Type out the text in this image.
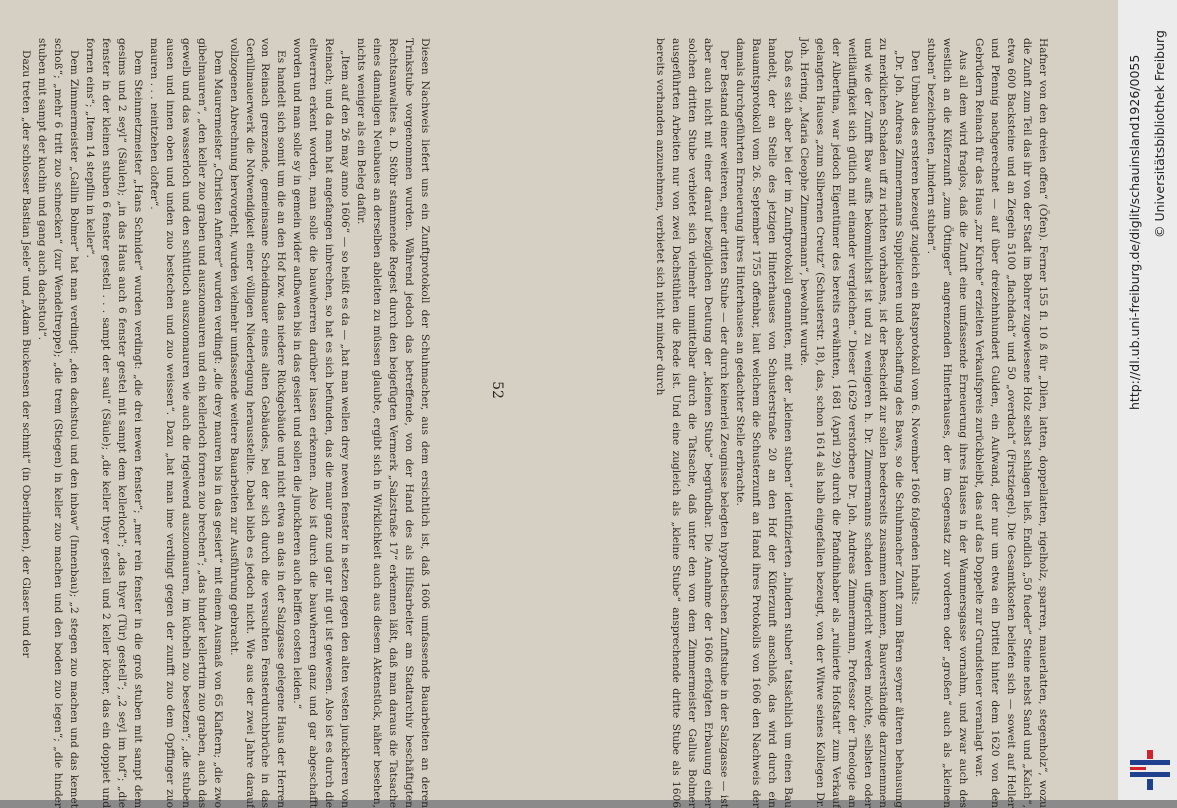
Diesen Nachweis liefert uns ein Zunftprotokoll der Schuhmacher, aus dem ersichtlich ist, daß 1606 umfassende Bauarbeiten an deren Trinkstube vorgenommen wurden. Während jedoch das betreffende, von der Hand des als Hilfsarbeiter am Stadtarchiv beschäftigten Rechtsanwaltes a. D. Stöhr stammende Regest durch den beigefügten Vermerk „Salzstraße 17“ erkennen läßt, daß man daraus die Tatsache eines damaligen Neubaues an derselben ableiten zu müssen glaubte, ergibt sich in Wirklichkeit auch aus diesem Aktenstück, näher besehen, nichts weniger als ein Beleg dafür.

„Item auf den 26 may anno 1606“ — so heißt es da — „hat man wellen drey newen fenster in setzen gegen den alten vesten junckheren von Reinach; und da man hat angefangen inbrechen, so hat es sich befunden, das die maur ganz und gar nit gut ist gewesen. Also ist es durch die eltwerren erkent worden, man solle die bauwherren darüber lassen erkennen. Also ist durch die bauwherren ganz und gar abgeschafft worden und man solle sy in gemein wider aufbawen bis in das gesiert und sollen die junckheren auch helffen costen leiden.“

Es handelt sich somit um die an den Hof bzw. das niedere Rückgebäude und nicht etwa an das in der Salzgasse gelegene Haus der Herren von Reinach grenzende, gemeinsame Scheidmauer eines alten Gebäudes, bei der sich durch die versuchten Fensterdurchbrüche in das Gerüllmauerwerk die Notwendigkeit einer völligen Niederlegung herausstellte. Dabei blieb es jedoch nicht. Wie aus der zwei Jahre darauf vollzogenen Abrechnung hervorgeht, wurden vielmehr umfassende weitere Bauarbeiten zur Ausführung gebracht.

Dem Maurermeister „Christen Anfierer“ wurden verdingt: „die drey mauren bis in das gesiert“ mit einem Ausmaß von 65 Klaftern; „die zwo gibelmauren“, „den keller zuo graben und auszuomauren und ein kellerloch fornen zuo brechen“; „das hinder kellertrim zuo graben, auch das gewelb und das wasserloch und den schüttloch auszuomauren wie auch die rigelwend auszuomauren, im kücheln zuo besetzen“; „die stuben ausen und innen oben und unden zuo bestechen und zuo weissen“. Dazu „hat man ime verdingt gegen der zunfft zuo dem Opffinger zuo mauren . . . neintzehen clofter“.

Dem Steinmetzmeister „Hans Schnider“ wurden verdingt: „die drei newen fenster“; „mer rein fenster in die groß stuben mit sampt dem gesims und 2 seyl“ (Säulen); „in das Haus auch 6 fenster gestel mit sampt dem kellerloch“; „das thyer (Tür) gestell“; „2 seyl im hof“; „die fenster in der kleinen stuben 6 fenster gestell . . . sampt der saul“ (Säule); „die keller thyer gestell und 2 keller löcher, das ein doppiet und fornen eins“; „Item 14 stepflin in keller“.

Dem Zimmermeister „Gallin Bolmer“ hat man verdingt: „den dachstuol und den inbaw“ (Innenbau); „2 stegen zuo machen und das kemet schoß“; „mehr 6 tritt zuo schnecken“ (zur Wendeltreppe); „die trem (Stiegen) in keller zuo machen und den boden zuo legen“; „die hinder stuben mit sampt der kuchin und gang auch dachstuol“.

Dazu treten „der schlosser Bastian Jsele“ und „Adam Buckensen der schmit“ (in Oberlinden), der Glaser und der	Hafner von den dreien offen“ (Öfen). Ferner 155 fl. 10 ß für „Dilen, latten, doppellatten, rigelholz, sparren, mauerlatten, stegenholz“, wozu die Zunft zum Teil das ihr von der Stadt im Bohrer zugewiesene Holz selbst schlagen ließ. Endlich „50 fueder“ Steine nebst Sand und „Kalch“, etwa 600 Backsteine und an Ziegeln 5100 „flachdach“ und 50 „overdach“ (Firstziegel). Die Gesamtkosten beliefen sich — soweit auf Heller und Pfennig nachgerechnet — auf über dreizehnhundert Gulden, ein Aufwand, der nur um etwa ein Drittel hinter dem 1620 von den Gebrüdern Reinach für das Haus „zur Kirche“ erzielten Verkaufspreis zurückbleibt, das auf das Doppelte zur Grundsteuer veranlagt war.

Aus all dem wird fraglos, daß die Zunft eine umfassende Erneuerung ihres Hauses in der Wammersgasse vornahm, und zwar auch des westlich an die Küferzunft „zum Öttinger“ angrenzenden Hinterhauses, der im Gegensatz zur vorderen oder „großen“ auch als „kleinen stuben“ bezeichneten „hindern stuben“.

Den Umbau des ersteren bezeugt zugleich ein Ratsprotokoll vom 6. November 1606 folgenden Inhalts:

„Dr. Joh. Andreas Zimmermanns Supplicieren und abschaffung des Baws, so die Schuhmacher Zunft zum Bären seyner älteren behausung zu merklichen Schaden uff zu richten vorhabens, ist der Bescheidt zur sollen beederseits zusammen kommen, Bauverständige darzunemmen und wie der Zunfft Baw auffs bekommlichst ist und zu wenigeren h. Dr. Zimmermanns schaden uffgericht werden möchte, selbsten oder weitläuffigkeit sich gütlich mit einander vergleichen.“ Dieser (1629 verstorbene Dr. Joh. Andreas Zimmermann, Professor der Theologie an der Albertina, war jedoch Eigentümer des bereits erwähnten, 1681 (April 29) durch die Pfandinhaber als „ruinierte Hofstatt“ zum Verkauf gelangten Hauses „zum Silbernen Creutz“ (Schusterstr. 18), das, schon 1614 als halb eingefallen bezeugt, von der Witwe seines Kollegen Dr. Joh. Hering, „Maria Cleophe Zimmermann“, bewohnt wurde.

Daß es sich aber bei der im Zunftprotokoll genannten, mit der „kleinen stuben“ identifizierten „hindern stuben“ tatsächlich um einen Bau handelt, der an Stelle des jetzigen Hinterhauses von Schusterstraße 20 an den Hof der Küferzunft anschloß, das wird durch ein Bauamtsprotokoll vom 26. September 1755 offenbar, laut welchem die Schusterzunft an Hand ihres Protokolls von 1606 den Nachweis der damals durchgeführten Erneuerung ihres Hinterhauses an gedachter Stelle erbrachte.

Der Bestand einer weiteren, einer dritten Stube — der durch keinerlei Zeugnisse belegten hypothetischen Zunftstube in der Salzgasse — ist aber auch nicht mit einer darauf bezüglichen Deutung der „kleinen Stube“ begründbar. Die Annahme der 1606 erfolgten Erbauung einer solchen dritten Stube verbietet sich vielmehr unmittelbar durch die Tatsache, daß unter den von dem Zimmermeister Gallus Bolmer ausgeführten Arbeiten nur von zwei Dachstühlen die Rede ist. Und eine zugleich als „kleine Stube“ ansprechende dritte Stube als 1606 bereits vorhanden anzunehmen, verbietet sich nicht minder durch

52	http://dl.ub.uni-freiburg.de/diglit/schauinsland1926/0055 © Universitätsbibliothek Freiburg
